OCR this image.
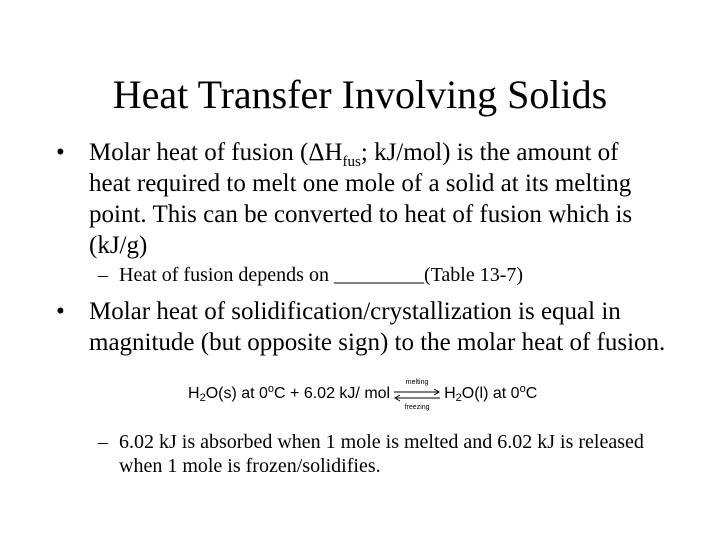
Heat Transfer Involving Solids
• Molar heat of fusion ($\Delta H_{fus}$; kJ/mol) is the amount of heat required to melt one mole of a solid at its melting point. This can be converted to heat of fusion which is (kJ/g)
– Heat of fusion depends on _________(Table 13-7)
• Molar heat of solidification/crystallization is equal in magnitude (but opposite sign) to the molar heat of fusion.
$H_2O(s)$ at $0^oC + 6.02$ kJ/ mol
melting
freezing
$H_2O(l)$ at 0$^o$C
– 6.02 kJ is absorbed when 1 mole is melted and 6.02 kJ is released when 1 mole is frozen/solidifies.
